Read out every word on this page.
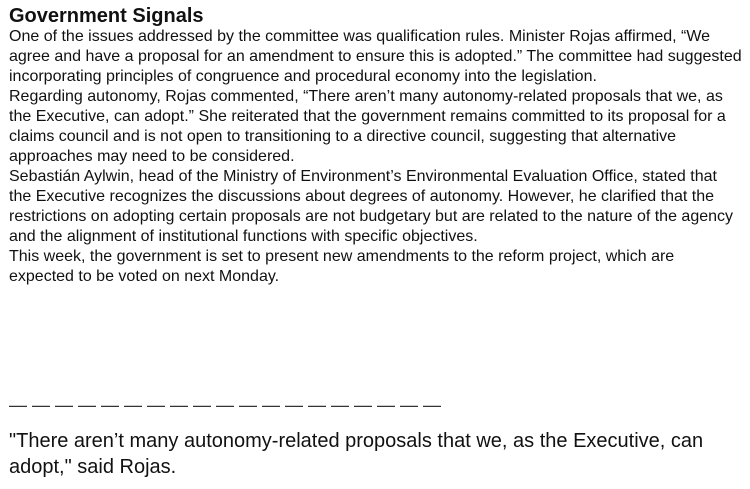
Government Signals

One of the issues addressed by the committee was qualification rules. Minister Rojas affirmed, “We agree and have a proposal for an amendment to ensure this is adopted.” The committee had suggested incorporating principles of congruence and procedural economy into the legislation.

Regarding autonomy, Rojas commented, “There aren’t many autonomy-related proposals that we, as the Executive, can adopt.” She reiterated that the government remains committed to its proposal for a claims council and is not open to transitioning to a directive council, suggesting that alternative approaches may need to be considered.

Sebastián Aylwin, head of the Ministry of Environment’s Environmental Evaluation Office, stated that the Executive recognizes the discussions about degrees of autonomy. However, he clarified that the restrictions on adopting certain proposals are not budgetary but are related to the nature of the agency and the alignment of institutional functions with specific objectives.

This week, the government is set to present new amendments to the reform project, which are expected to be voted on next Monday.

— — — — — — — — — — — — — — — — — — —

"There aren’t many autonomy-related proposals that we, as the Executive, can adopt," said Rojas.
